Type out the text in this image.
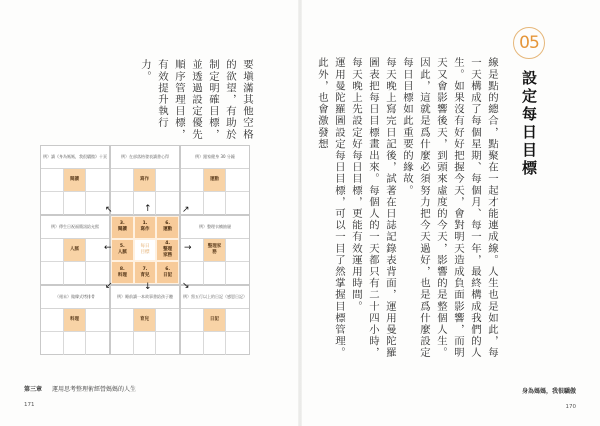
05
設定每日目標

線是點的總合，點聚在一起才能連成線。人生也是如此，每一天構成了每個星期、每個月、每一年，最終構成我們的人生。如果沒有好好把握今天，會對明天造成負面影響，而明天又會影響後天，到頭來虛度的今天，影響的是整個人生。因此，這就是爲什麼必須努力把今天過好，也是爲什麼設定每日目標如此重要的緣故。

每天晚上寫完日記後，試著在日誌記錄表背面，運用曼陀羅圖表把每日目標畫出來。每個人的一天都只有二十四小時，每天晚上先設定好每日目標，更能有效運用時間。

運用曼陀羅圖設定每日目標，可以一目了然掌握目標管理。此外，也會激發想

身為媽媽，我很驕傲
170

要塡滿其他空格的欲望，有助於制定明確目標，並透過設定優先順序管理目標，有效提升執行力。

例）讀《身為媽媽，我很驕傲》十頁
閱讀
例）在部落格發表讀書心得
寫作
例）跟家健身 30 分鐘
運動
例）傳生日祝福簡訊給允熙
人脈
3.
閱讀
1.
寫作
6.
運動
5.
人脈
每日目標
4.
整理家務
8.
料理
7.
育兒
6.
日記
例）整理衣櫥抽屜
整理家務
（週末）做韓式烤排骨
料理
例）睡前讀一本故事書給孩子聽
育兒
例）寫五行以上的日記（感恩日記）
日記
↑
↓
←	→
↖	↗
↙	↘
第三章 運用思考整理術經營媽媽的人生
171
